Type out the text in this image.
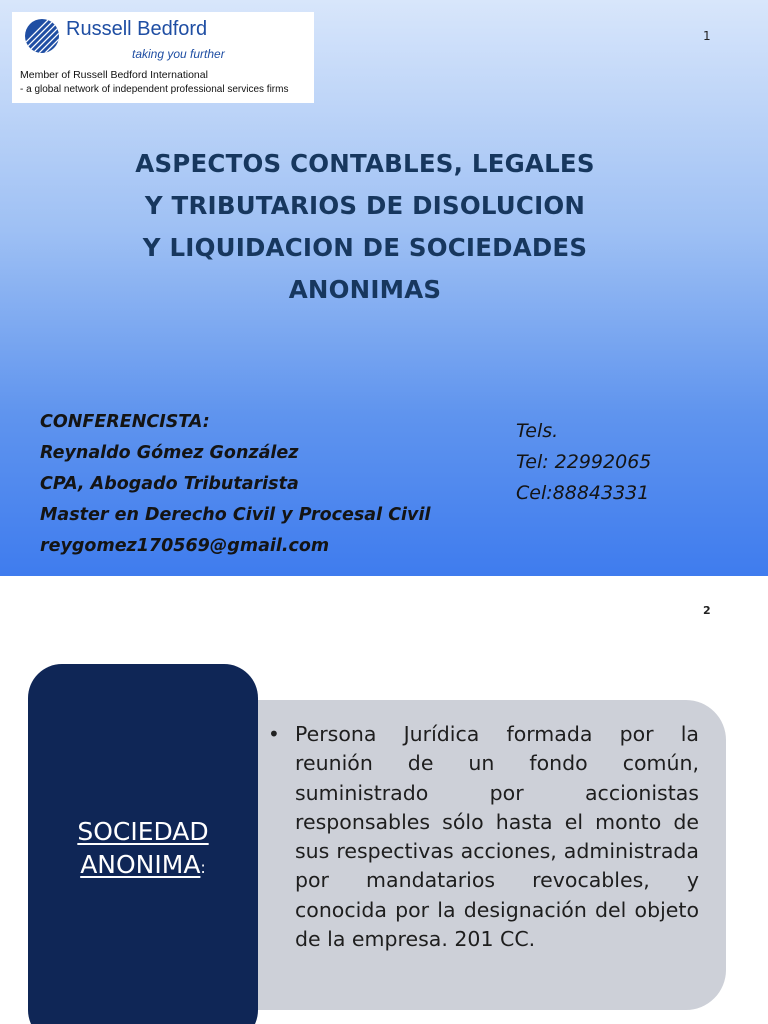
Russell Bedford
taking you further
Member of Russell Bedford International
- a global network of independent professional services firms
1
ASPECTOS CONTABLES, LEGALES
Y TRIBUTARIOS DE DISOLUCION
Y LIQUIDACION DE SOCIEDADES
ANONIMAS
CONFERENCISTA:
Reynaldo Gómez González
CPA, Abogado Tributarista
Master en Derecho Civil y Procesal Civil
reygomez170569@gmail.com
Tels.
Tel: 22992065
Cel:88843331
2
SOCIEDAD
ANONIMA:
• Persona Jurídica formada por la reunión de un fondo común, suministrado por accionistas responsables sólo hasta el monto de sus respectivas acciones, administrada por mandatarios revocables, y conocida por la designación del objeto de la empresa. 201 CC.
